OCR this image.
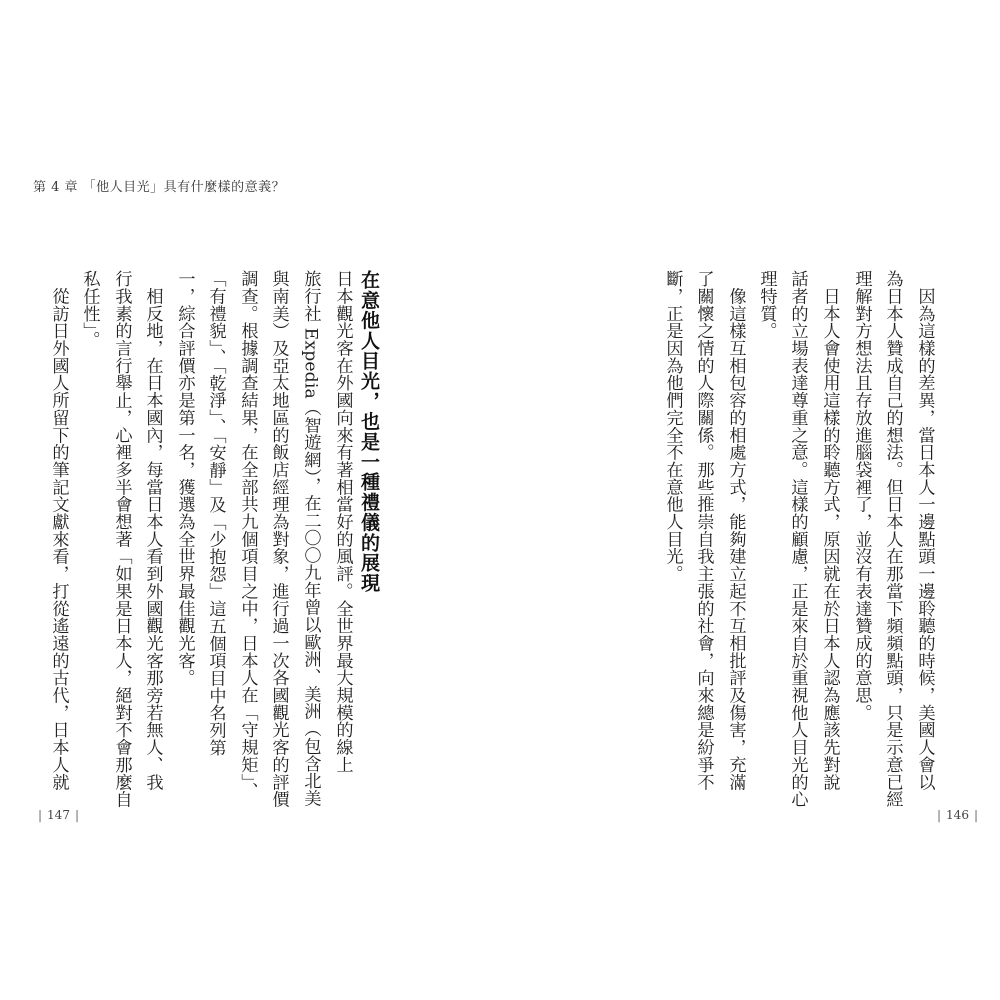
第 4 章 「他人目光」具有什麼樣的意義？
在意他人目光，也是一種禮儀的展現
日本觀光客在外國向來有著相當好的風評。全世界最大規模的線上
旅行社 Expedia（智遊網），在二〇〇九年曾以歐洲、美洲（包含北美
與南美）及亞太地區的飯店經理為對象，進行過一次各國觀光客的評價
調查。根據調查結果，在全部共九個項目之中，日本人在「守規矩」、
「有禮貌」、「乾淨」、「安靜」及「少抱怨」這五個項目中名列第
一，綜合評價亦是第一名，獲選為全世界最佳觀光客。
　相反地，在日本國內，每當日本人看到外國觀光客那旁若無人、我
行我素的言行舉止，心裡多半會想著「如果是日本人，絕對不會那麼自
私任性」。
　從訪日外國人所留下的筆記文獻來看，打從遙遠的古代，日本人就	　因為這樣的差異，當日本人一邊點頭一邊聆聽的時候，美國人會以
為日本人贊成自己的想法。但日本人在那當下頻頻點頭，只是示意已經
理解對方想法且存放進腦袋裡了，並沒有表達贊成的意思。
　日本人會使用這樣的聆聽方式，原因就在於日本人認為應該先對說
話者的立場表達尊重之意。這樣的顧慮，正是來自於重視他人目光的心
理特質。
　像這樣互相包容的相處方式，能夠建立起不互相批評及傷害，充滿
了關懷之情的人際關係。那些推崇自我主張的社會，向來總是紛爭不
斷，正是因為他們完全不在意他人目光。
| 147 |	| 146 |
